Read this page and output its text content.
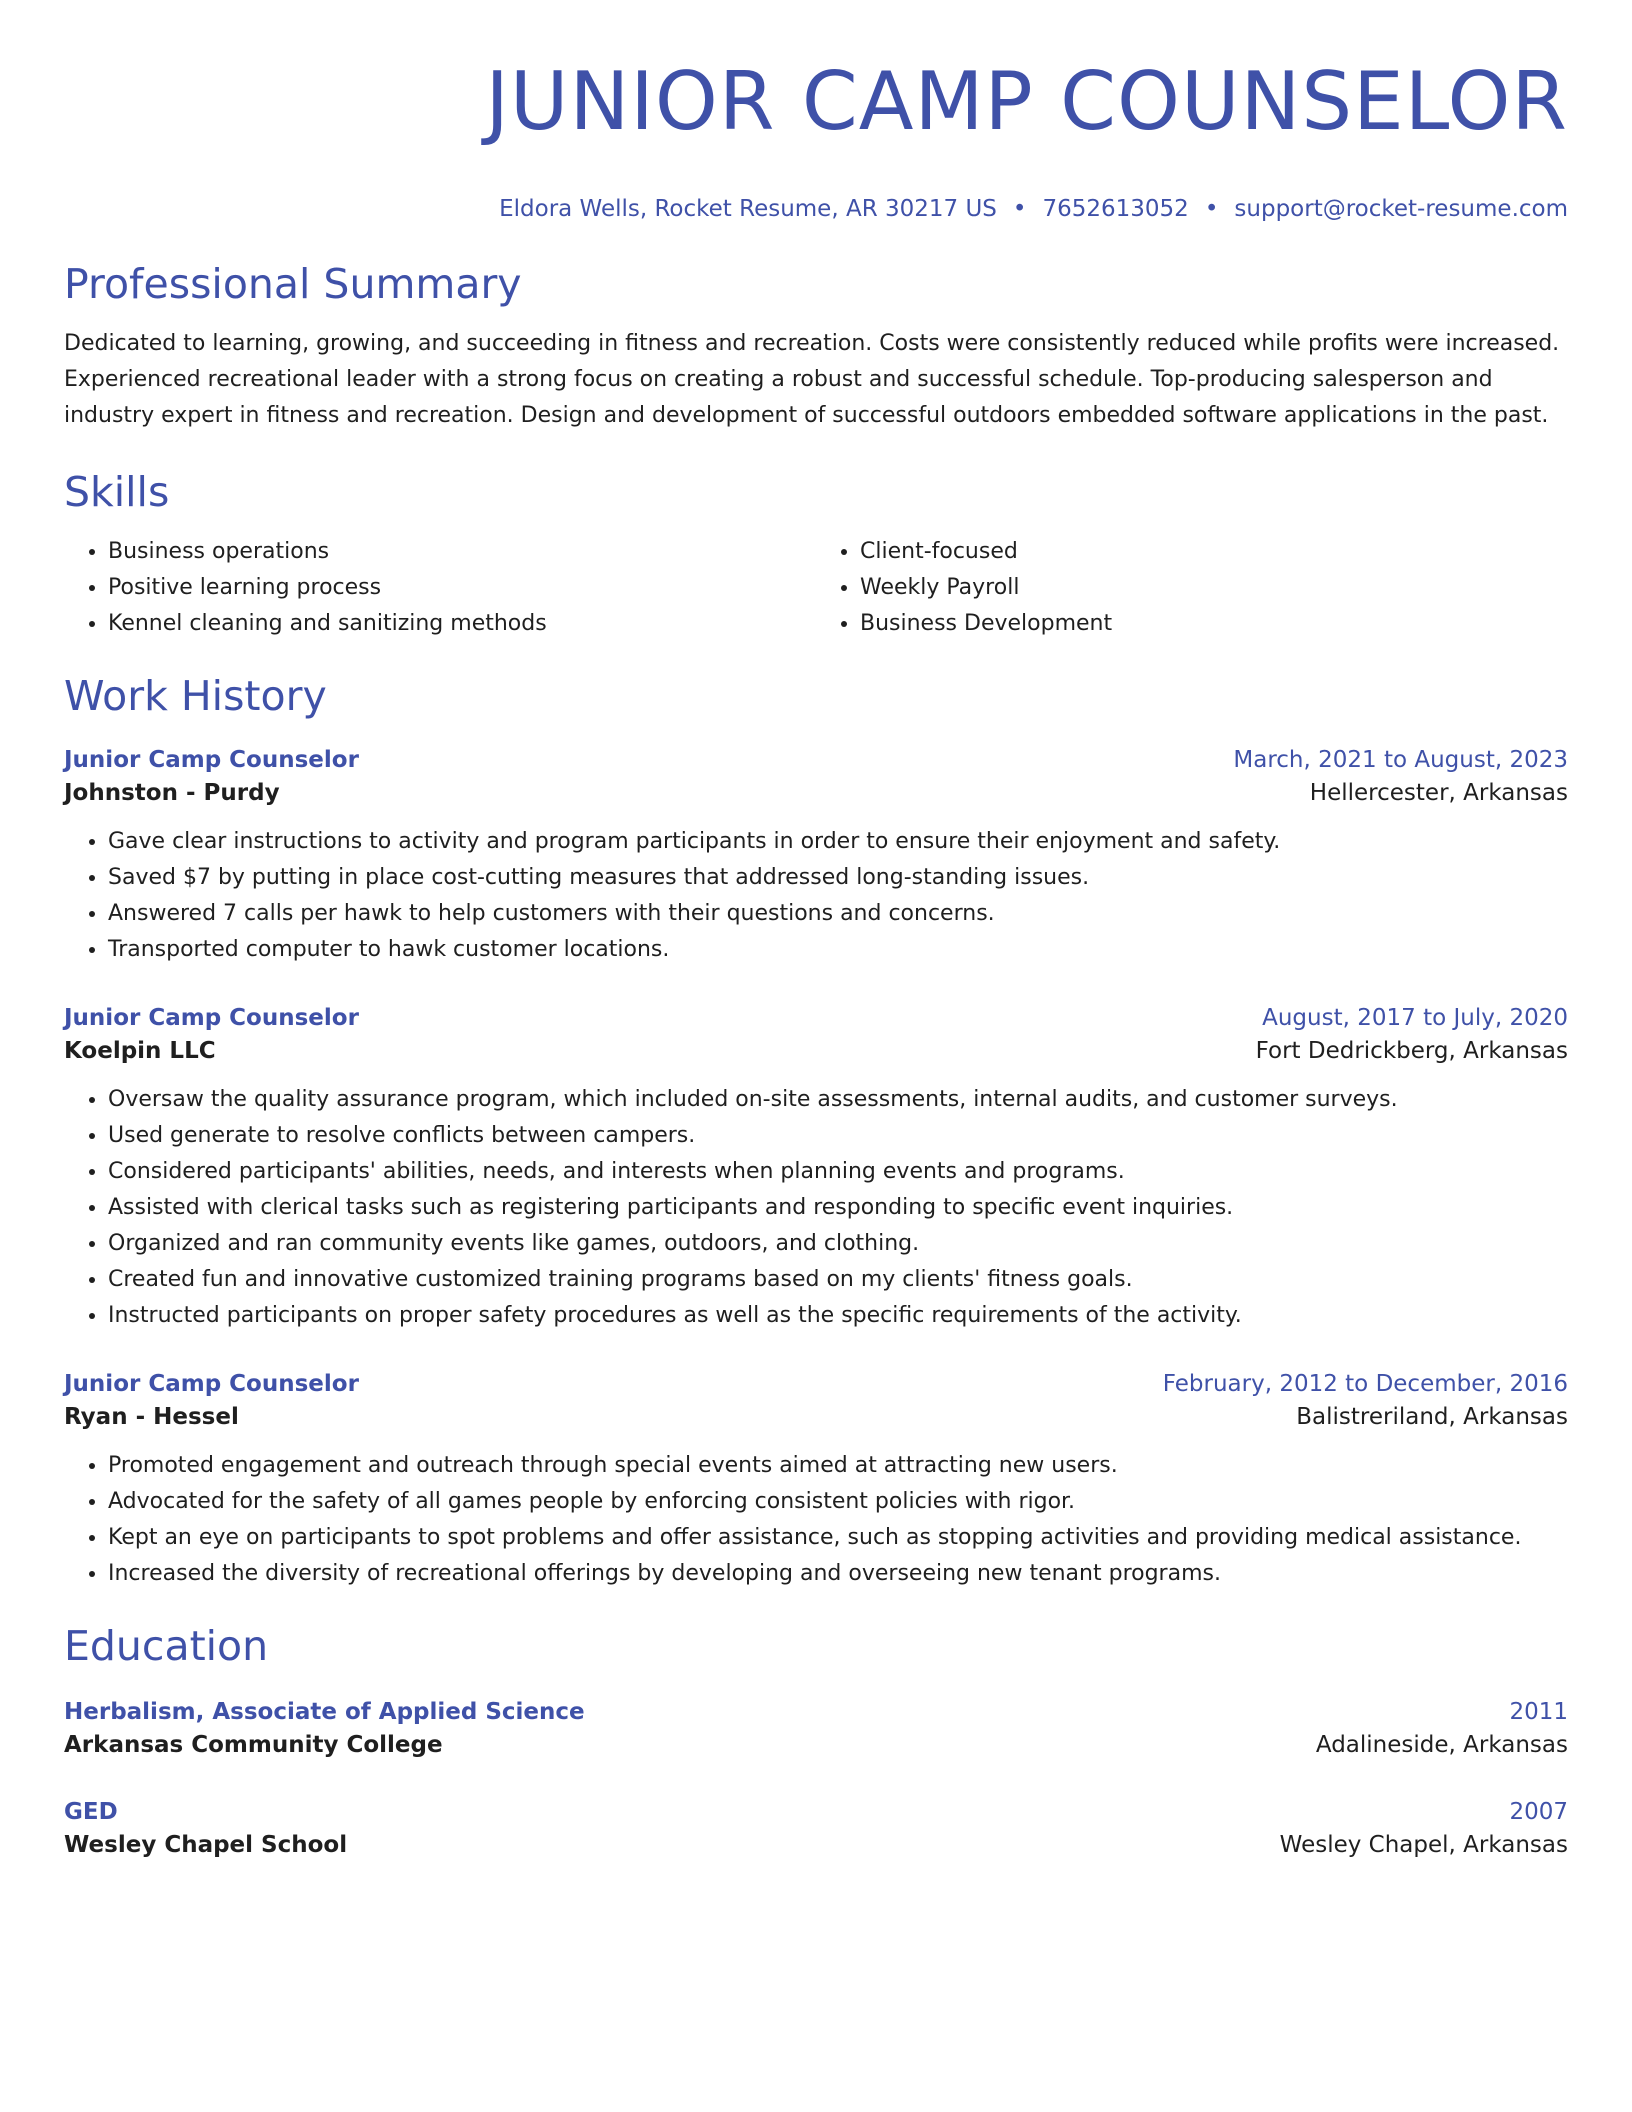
JUNIOR CAMP COUNSELOR
Eldora Wells, Rocket Resume, AR 30217 US • 7652613052 • support@rocket-resume.com
Professional Summary

Dedicated to learning, growing, and succeeding in fitness and recreation. Costs were consistently reduced while profits were increased. Experienced recreational leader with a strong focus on creating a robust and successful schedule. Top-producing salesperson and industry expert in fitness and recreation. Design and development of successful outdoors embedded software applications in the past.

Skills
• Business operations
• Positive learning process
• Kennel cleaning and sanitizing methods
• Client-focused
• Weekly Payroll
• Business Development
Work History
Junior Camp Counselor	March, 2021 to August, 2023
Johnston - Purdy	Hellercester, Arkansas
• Gave clear instructions to activity and program participants in order to ensure their enjoyment and safety.
• Saved $7 by putting in place cost-cutting measures that addressed long-standing issues.
• Answered 7 calls per hawk to help customers with their questions and concerns.
• Transported computer to hawk customer locations.
Junior Camp Counselor	August, 2017 to July, 2020
Koelpin LLC	Fort Dedrickberg, Arkansas
• Oversaw the quality assurance program, which included on-site assessments, internal audits, and customer surveys.
• Used generate to resolve conflicts between campers.
• Considered participants' abilities, needs, and interests when planning events and programs.
• Assisted with clerical tasks such as registering participants and responding to specific event inquiries.
• Organized and ran community events like games, outdoors, and clothing.
• Created fun and innovative customized training programs based on my clients' fitness goals.
• Instructed participants on proper safety procedures as well as the specific requirements of the activity.
Junior Camp Counselor	February, 2012 to December, 2016
Ryan - Hessel	Balistreriland, Arkansas
• Promoted engagement and outreach through special events aimed at attracting new users.
• Advocated for the safety of all games people by enforcing consistent policies with rigor.
• Kept an eye on participants to spot problems and offer assistance, such as stopping activities and providing medical assistance.
• Increased the diversity of recreational offerings by developing and overseeing new tenant programs.
Education
Herbalism, Associate of Applied Science	2011
Arkansas Community College	Adalineside, Arkansas
GED	2007
Wesley Chapel School	Wesley Chapel, Arkansas
